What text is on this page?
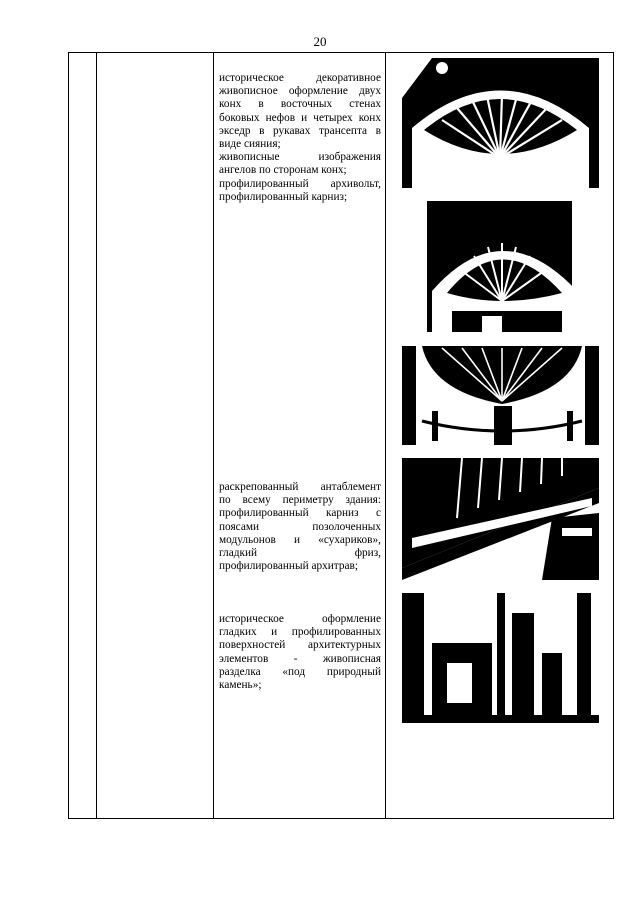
20
историческое декоративное
живописное оформление двух
конх в восточных стенах
боковых нефов и четырех конх
экседр в рукавах трансепта в
виде сияния;
живописные изображения
ангелов по сторонам конх;
профилированный архивольт,
профилированный карниз;
раскрепованный антаблемент
по всему периметру здания:
профилированный карниз с
поясами позолоченных
модульонов и «сухариков»,
гладкий фриз,
профилированный архитрав;
историческое оформление
гладких и профилированных
поверхностей архитектурных
элементов - живописная
разделка «под природный
камень»;
